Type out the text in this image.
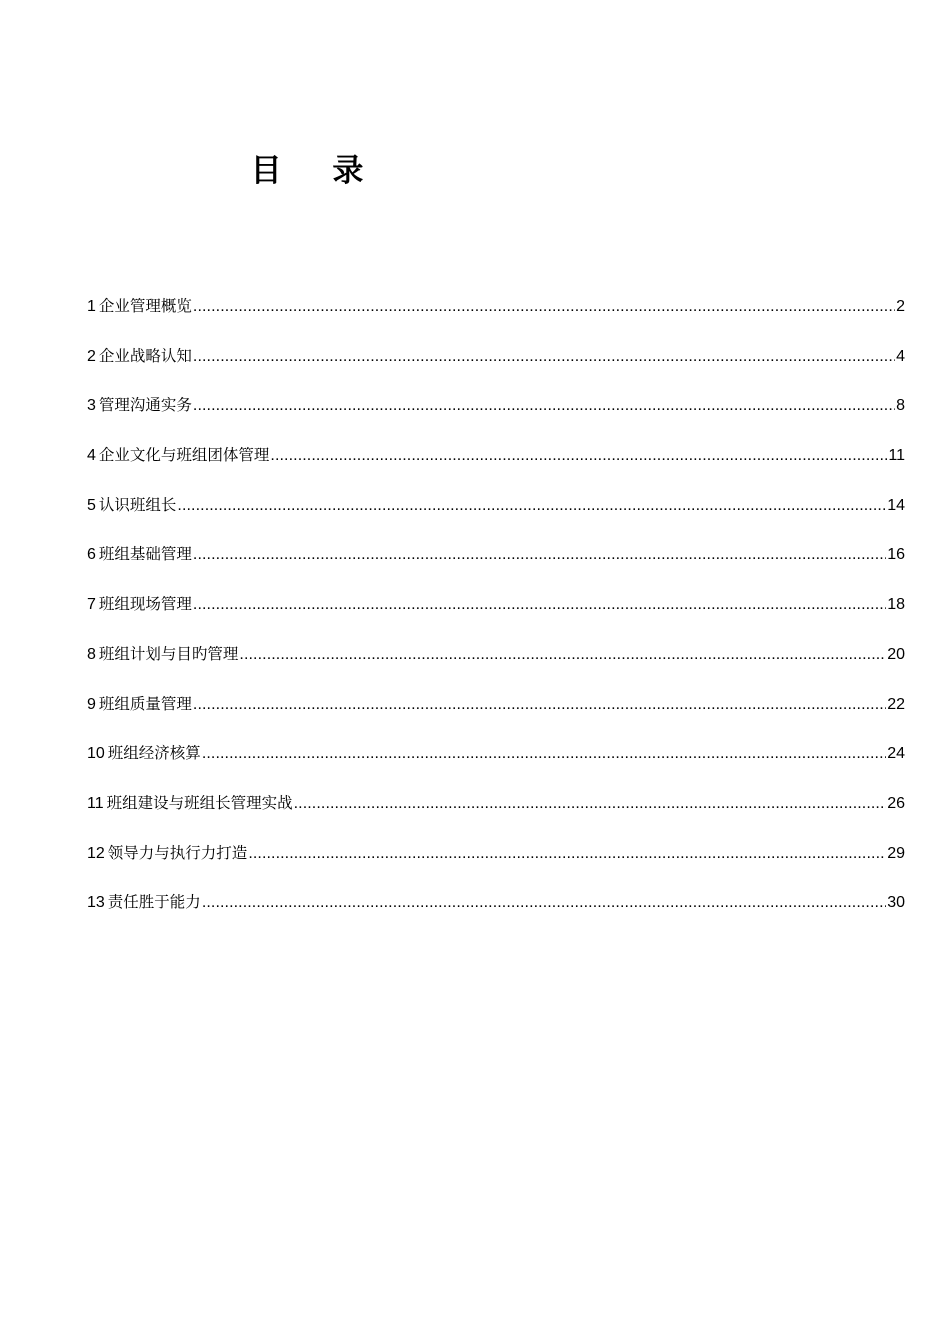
目 录
1 企业管理概览 .....	2
2 企业战略认知 .....	4
3 管理沟通实务 .....	8
4 企业文化与班组团体管理 .....	11
5 认识班组长 .....	14
6 班组基础管理 .....	16
7 班组现场管理 .....	18
8 班组计划与目旳管理 .....	20
9 班组质量管理 .....	22
10 班组经济核算 .....	24
11 班组建设与班组长管理实战 .....	26
12 领导力与执行力打造 .....	29
13 责任胜于能力 .....	30
